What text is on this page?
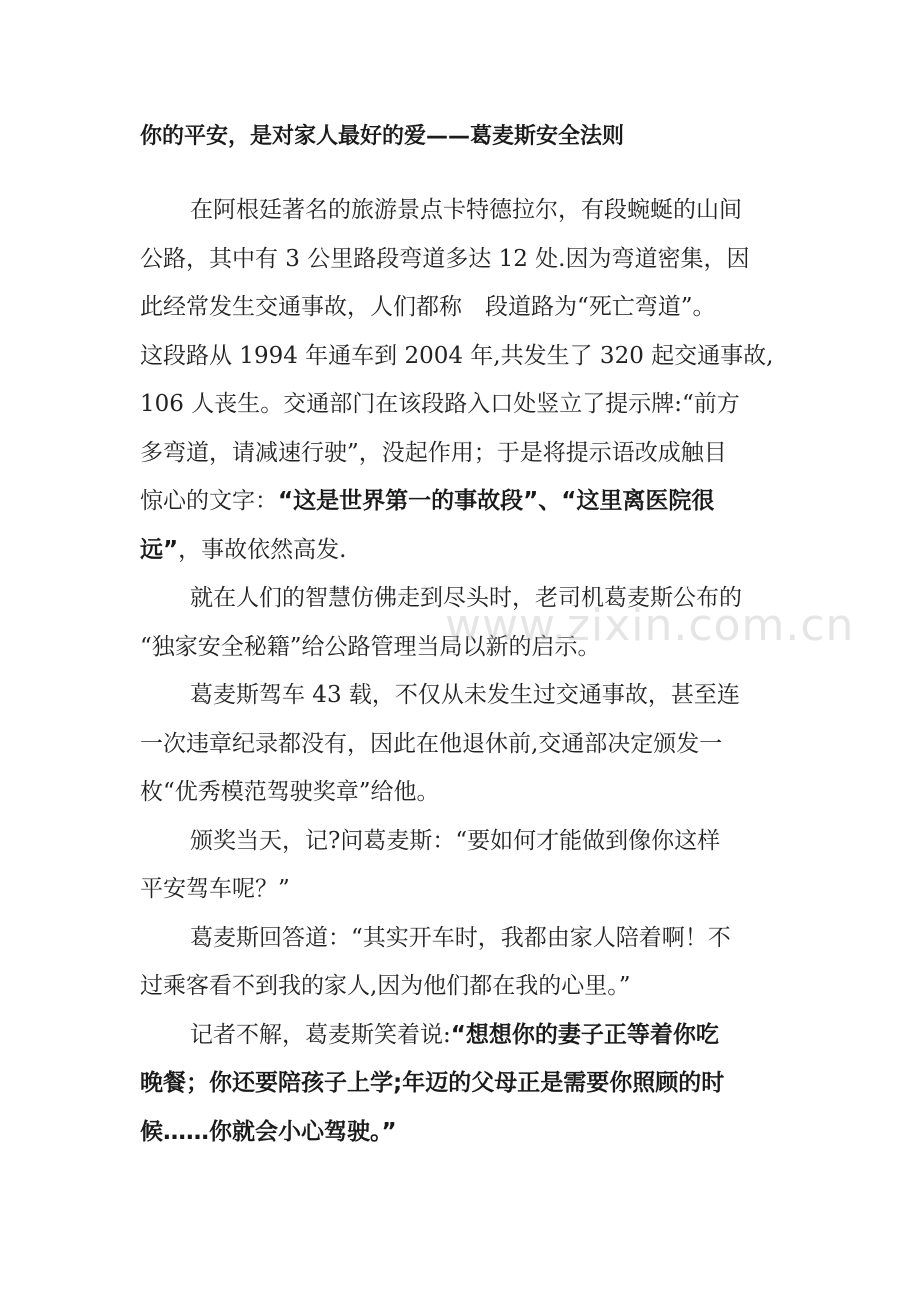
你的平安，是对家人最好的爱——葛麦斯安全法则
在阿根廷著名的旅游景点卡特德拉尔，有段蜿蜒的山间
公路，其中有 3 公里路段弯道多达 12 处.因为弯道密集，因
此经常发生交通事故，人们都称　段道路为“死亡弯道”。
这段路从 1994 年通车到 2004 年,共发生了 320 起交通事故,
106 人丧生。交通部门在该段路入口处竖立了提示牌:“前方
多弯道，请减速行驶”，没起作用；于是将提示语改成触目
惊心的文字：“这是世界第一的事故段”、“这里离医院很
远”，事故依然高发.
就在人们的智慧仿佛走到尽头时，老司机葛麦斯公布的
“独家安全秘籍”给公路管理当局以新的启示。
葛麦斯驾车 43 载，不仅从未发生过交通事故，甚至连
一次违章纪录都没有，因此在他退休前,交通部决定颁发一
枚“优秀模范驾驶奖章”给他。
颁奖当天，记?问葛麦斯：“要如何才能做到像你这样
平安驾车呢？”
葛麦斯回答道：“其实开车时，我都由家人陪着啊！不
过乘客看不到我的家人,因为他们都在我的心里。”
记者不解，葛麦斯笑着说:“想想你的妻子正等着你吃
晚餐；你还要陪孩子上学;年迈的父母正是需要你照顾的时
候……你就会小心驾驶。”
www.zixin.com.cn
